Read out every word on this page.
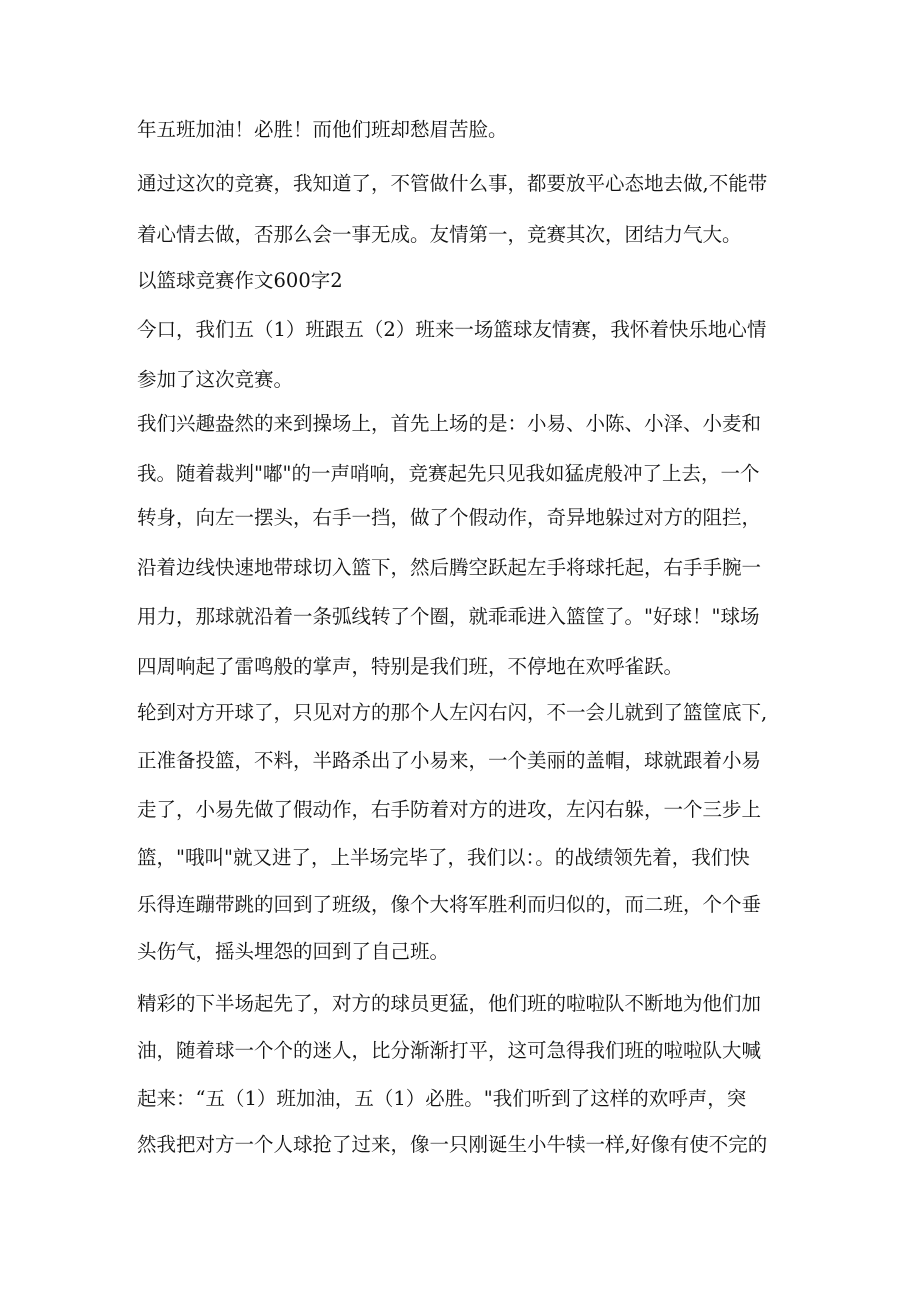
年五班加油！必胜！而他们班却愁眉苦脸。
通过这次的竞赛，我知道了，不管做什么事，都要放平心态地去做,不能带
着心情去做，否那么会一事无成。友情第一，竞赛其次，团结力气大。
以篮球竞赛作文600字2
今口，我们五（1）班跟五（2）班来一场篮球友情赛，我怀着快乐地心情
参加了这次竞赛。
我们兴趣盎然的来到操场上，首先上场的是：小易、小陈、小泽、小麦和
我。随着裁判"嘟"的一声哨响，竞赛起先只见我如猛虎般冲了上去，一个
转身，向左一摆头，右手一挡，做了个假动作，奇异地躲过对方的阻拦，
沿着边线快速地带球切入篮下，然后腾空跃起左手将球托起，右手手腕一
用力，那球就沿着一条弧线转了个圈，就乖乖进入篮筐了。"好球！"球场
四周响起了雷鸣般的掌声，特别是我们班，不停地在欢呼雀跃。
轮到对方开球了，只见对方的那个人左闪右闪，不一会儿就到了篮筐底下,
正准备投篮，不料，半路杀出了小易来，一个美丽的盖帽，球就跟着小易
走了，小易先做了假动作，右手防着对方的进攻，左闪右躲，一个三步上
篮，"哦叫"就又进了，上半场完毕了，我们以：。的战绩领先着，我们快
乐得连蹦带跳的回到了班级，像个大将军胜利而归似的，而二班，个个垂
头伤气，摇头埋怨的回到了自己班。
精彩的下半场起先了，对方的球员更猛，他们班的啦啦队不断地为他们加
油，随着球一个个的迷人，比分渐渐打平，这可急得我们班的啦啦队大喊
起来：“五（1）班加油，五（1）必胜。"我们听到了这样的欢呼声，突
然我把对方一个人球抢了过来，像一只刚诞生小牛犊一样,好像有使不完的
